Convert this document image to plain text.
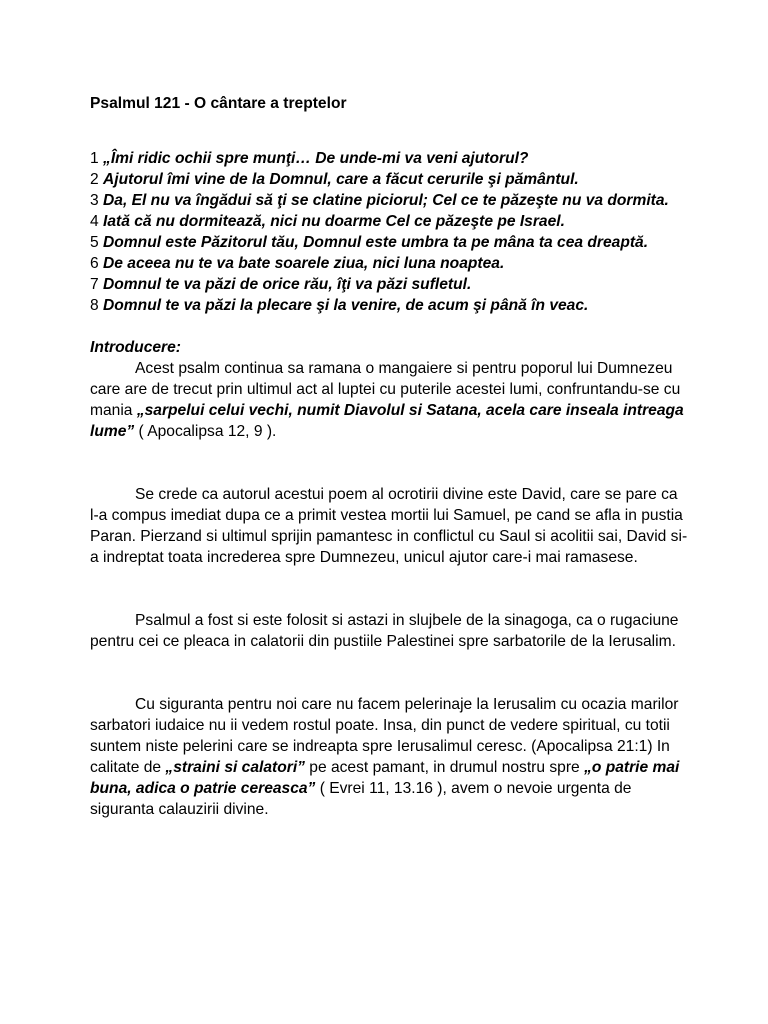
Psalmul 121 - O cântare a treptelor
1 „Îmi ridic ochii spre munţi… De unde-mi va veni ajutorul?
2 Ajutorul îmi vine de la Domnul, care a făcut cerurile şi pământul.
3 Da, El nu va îngădui să ţi se clatine piciorul; Cel ce te păzeşte nu va dormita.
4 Iată că nu dormitează, nici nu doarme Cel ce păzeşte pe Israel.
5 Domnul este Păzitorul tău, Domnul este umbra ta pe mâna ta cea dreaptă.
6 De aceea nu te va bate soarele ziua, nici luna noaptea.
7 Domnul te va păzi de orice rău, îţi va păzi sufletul.
8 Domnul te va păzi la plecare şi la venire, de acum şi până în veac.
Introducere:
Acest psalm continua sa ramana o mangaiere si pentru poporul lui Dumnezeu care are de trecut prin ultimul act al luptei cu puterile acestei lumi, confruntandu-se cu mania „sarpelui celui vechi, numit Diavolul si Satana, acela care inseala intreaga lume” ( Apocalipsa 12, 9 ).
Se crede ca autorul acestui poem al ocrotirii divine este David, care se pare ca l-a compus imediat dupa ce a primit vestea mortii lui Samuel, pe cand se afla in pustia Paran. Pierzand si ultimul sprijin pamantesc in conflictul cu Saul si acolitii sai, David si-a indreptat toata increderea spre Dumnezeu, unicul ajutor care-i mai ramasese.
Psalmul a fost si este folosit si astazi in slujbele de la sinagoga, ca o rugaciune pentru cei ce pleaca in calatorii din pustiile Palestinei spre sarbatorile de la Ierusalim.
Cu siguranta pentru noi care nu facem pelerinaje la Ierusalim cu ocazia marilor sarbatori iudaice nu ii vedem rostul poate. Insa, din punct de vedere spiritual, cu totii suntem niste pelerini care se indreapta spre Ierusalimul ceresc. (Apocalipsa 21:1) In calitate de „straini si calatori” pe acest pamant, in drumul nostru spre „o patrie mai buna, adica o patrie cereasca” ( Evrei 11, 13.16 ), avem o nevoie urgenta de siguranta calauzirii divine.
